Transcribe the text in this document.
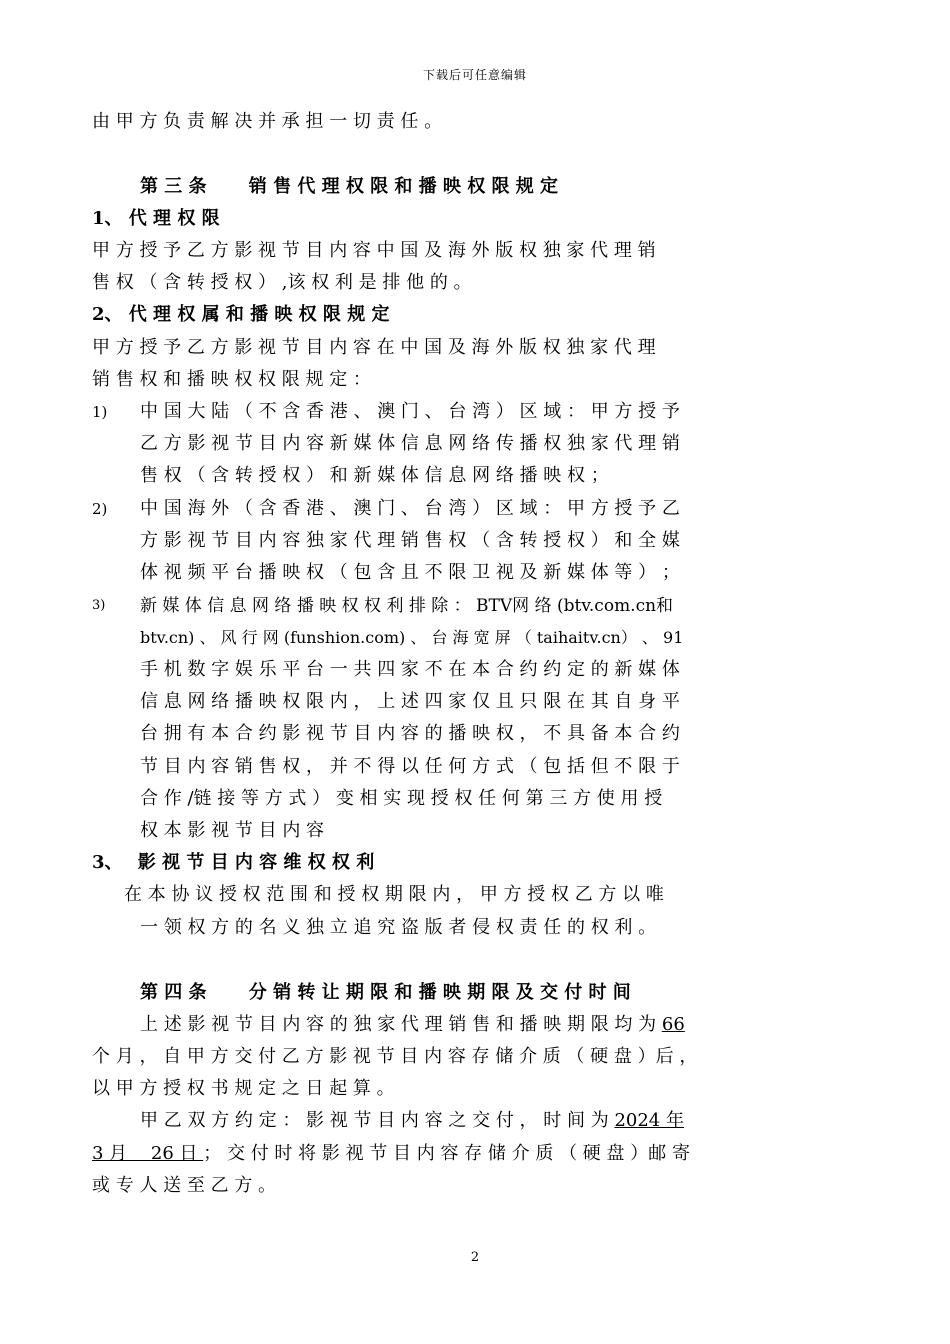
下载后可任意编辑
由 甲 方 负 责 解 决 并 承 担 一 切 责 任 。
第 三 条　　 销 售 代 理 权 限 和 播 映 权 限 规 定
1、 代 理 权 限
甲 方 授 予 乙 方 影 视 节 目 内 容 中 国 及 海 外 版 权 独 家 代 理 销
售 权 （ 含 转 授 权 ） ,该 权 利 是 排 他 的 。
2、 代 理 权 属 和 播 映 权 限 规 定
甲 方 授 予 乙 方 影 视 节 目 内 容 在 中 国 及 海 外 版 权 独 家 代 理
销 售 权 和 播 映 权 权 限 规 定 ：
1) 中 国 大 陆 （ 不 含 香 港 、 澳 门 、 台 湾 ） 区 域 ： 甲 方 授 予
乙 方 影 视 节 目 内 容 新 媒 体 信 息 网 络 传 播 权 独 家 代 理 销
售 权 （ 含 转 授 权 ） 和 新 媒 体 信 息 网 络 播 映 权 ；
2) 中 国 海 外 （ 含 香 港 、 澳 门 、 台 湾 ） 区 域 ： 甲 方 授 予 乙
方 影 视 节 目 内 容 独 家 代 理 销 售 权 （ 含 转 授 权 ） 和 全 媒
体 视 频 平 台 播 映 权 （ 包 含 且 不 限 卫 视 及 新 媒 体 等 ） ；
3) 新 媒 体 信 息 网 络 播 映 权 权 利 排 除 ： BTV网 络 (btv.com.cn和
btv.cn) 、 风 行 网 (funshion.com) 、 台 海 宽 屏 （ taihaitv.cn） 、 91
手 机 数 字 娱 乐 平 台 一 共 四 家 不 在 本 合 约 约 定 的 新 媒 体
信 息 网 络 播 映 权 限 内 ， 上 述 四 家 仅 且 只 限 在 其 自 身 平
台 拥 有 本 合 约 影 视 节 目 内 容 的 播 映 权 ， 不 具 备 本 合 约
节 目 内 容 销 售 权 ， 并 不 得 以 任 何 方 式 （ 包 括 但 不 限 于
合 作 /链 接 等 方 式 ） 变 相 实 现 授 权 任 何 第 三 方 使 用 授
权 本 影 视 节 目 内 容
3、　 影 视 节 目 内 容 维 权 权 利
在 本 协 议 授 权 范 围 和 授 权 期 限 内 ， 甲 方 授 权 乙 方 以 唯
一 领 权 方 的 名 义 独 立 追 究 盗 版 者 侵 权 责 任 的 权 利 。
第 四 条　　 分 销 转 让 期 限 和 播 映 期 限 及 交 付 时 间
上 述 影 视 节 目 内 容 的 独 家 代 理 销 售 和 播 映 期 限 均 为 66
个 月 ， 自 甲 方 交 付 乙 方 影 视 节 目 内 容 存 储 介 质 （ 硬 盘 ）后 ，
以 甲 方 授 权 书 规 定 之 日 起 算 。
甲 乙 双 方 约 定 ： 影 视 节 目 内 容 之 交 付 ， 时 间 为 2024 年
3 月　 26 日 ； 交 付 时 将 影 视 节 目 内 容 存 储 介 质 （ 硬 盘 ）邮 寄
或 专 人 送 至 乙 方 。
2
